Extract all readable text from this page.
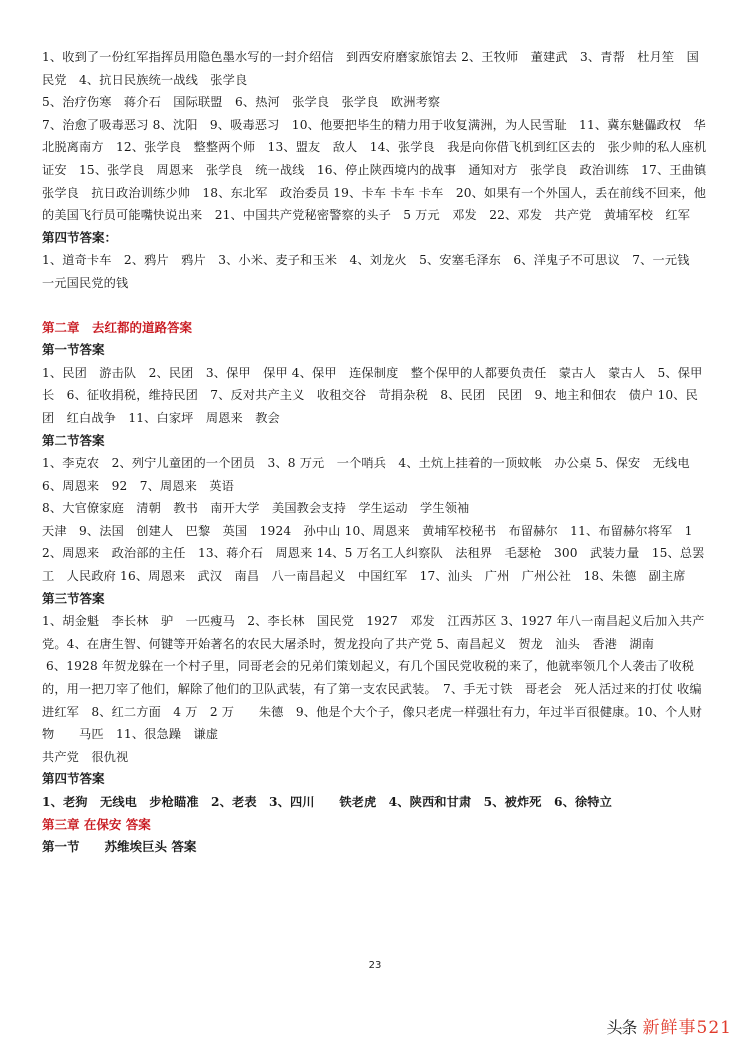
1、收到了一份红军指挥员用隐色墨水写的一封介绍信　到西安府磨家旅馆去 2、王牧师　董建武　3、青帮　杜月笙　国民党　4、抗日民族统一战线　张学良

5、治疗伤寒　蒋介石　国际联盟　6、热河　张学良　张学良　欧洲考察

7、治愈了吸毒恶习 8、沈阳　9、吸毒恶习　10、他要把毕生的精力用于收复满洲，为人民雪耻　11、冀东魅儡政权　华北脱离南方　12、张学良　整整两个师　13、盟友　敌人　14、张学良　我是向你借飞机到红区去的　张少帅的私人座机　证安　15、张学良　周恩来　张学良　统一战线　16、停止陕西境内的战事　通知对方　张学良　政治训练　17、王曲镇　张学良　抗日政治训练少帅　18、东北军　政治委员 19、卡车 卡车 卡车　20、如果有一个外国人，丢在前线不回来，他的美国飞行员可能嘴快说出来　21、中国共产党秘密警察的头子　5 万元　邓发　22、邓发　共产党　黄埔军校　红军

第四节答案：

1、道奇卡车　2、鸦片　鸦片　3、小米、麦子和玉米　4、刘龙火　5、安塞毛泽东　6、洋鬼子不可思议　7、一元钱　一元国民党的钱

第二章　去红都的道路答案

第一节答案

1、民团　游击队　2、民团　3、保甲　保甲 4、保甲　连保制度　整个保甲的人都要负责任　蒙古人　蒙古人　5、保甲长　6、征收捐税，维持民团　7、反对共产主义　收租交谷　苛捐杂税　8、民团　民团　9、地主和佃农　债户 10、民团　红白战争　11、白家坪　周恩来　教会

第二节答案

1、李克农　2、列宁儿童团的一个团员　3、8 万元　一个哨兵　4、土炕上挂着的一顶蚊帐　办公桌 5、保安　无线电　6、周恩来　92　7、周恩来　英语

8、大官僚家庭　清朝　教书　南开大学　美国教会支持　学生运动　学生领袖

天津　9、法国　创建人　巴黎　英国　1924　孙中山 10、周恩来　黄埔军校秘书　布留赫尔　11、布留赫尔将军　12、周恩来　政治部的主任　13、蒋介石　周恩来 14、5 万名工人纠察队　法租界　毛瑟枪　300　武装力量　15、总罢工　人民政府 16、周恩来　武汉　南昌　八一南昌起义　中国红军　17、汕头　广州　广州公社　18、朱德　副主席

第三节答案

1、胡金魁　李长林　驴　一匹瘦马　2、李长林　国民党　1927　邓发　江西苏区 3、1927 年八一南昌起义后加入共产党。4、在唐生智、何键等开始著名的农民大屠杀时，贺龙投向了共产党 5、南昌起义　贺龙　汕头　香港　湖南

6、1928 年贺龙躲在一个村子里，同哥老会的兄弟们策划起义，有几个国民党收税的来了，他就率领几个人袭击了收税的，用一把刀宰了他们，解除了他们的卫队武装，有了第一支农民武装。　7、手无寸铁　哥老会　死人活过来的打仗 收编进红军　8、红二方面　4 万　2 万　　朱德　9、他是个大个子，像只老虎一样强壮有力，年过半百很健康。10、个人财物　　马匹　11、很急躁　谦虚

共产党　很仇视

第四节答案

1、老狗　无线电　步枪瞄准　2、老表　3、四川　　铁老虎　4、陕西和甘肃　5、被炸死　6、徐特立

第三章 在保安 答案

第一节　　苏维埃巨头 答案

23
头条 新鲜事521
